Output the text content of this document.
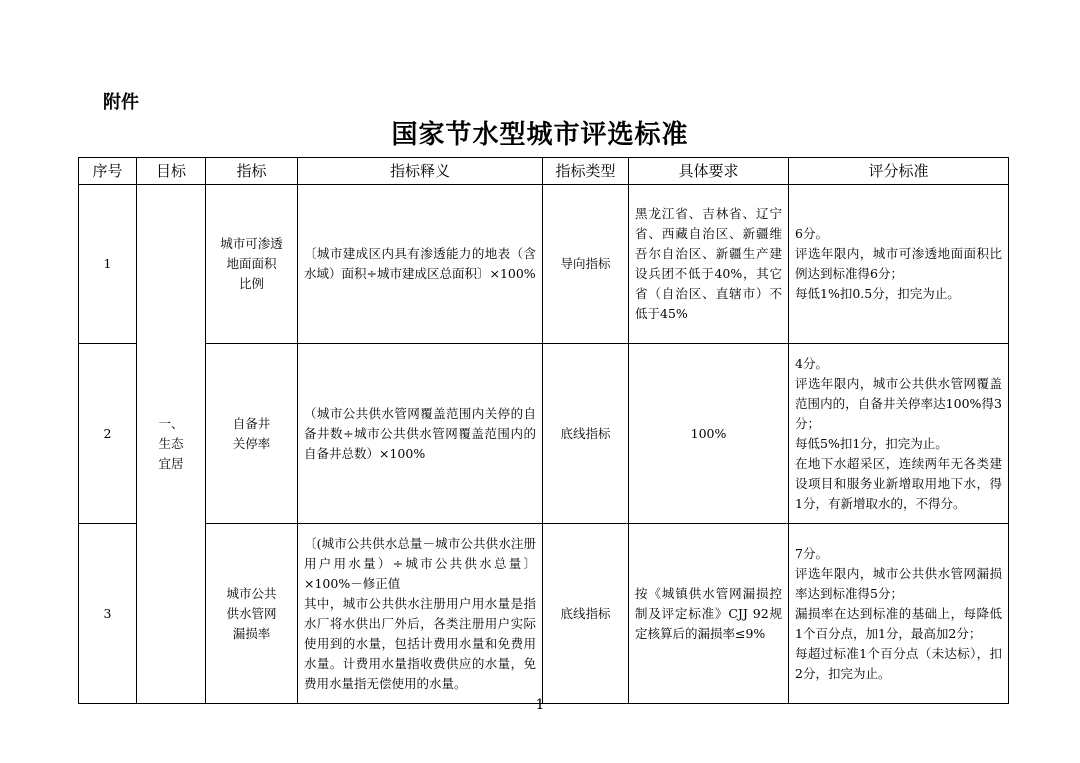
附件
国家节水型城市评选标准
序号	目标	指标	指标释义	指标类型	具体要求	评分标准
1	一、
生态
宜居	城市可渗透
地面面积
比例	〔城市建成区内具有渗透能力的地表（含水域）面积÷城市建成区总面积〕×100%	导向指标	黑龙江省、吉林省、辽宁省、西藏自治区、新疆维吾尔自治区、新疆生产建设兵团不低于40%，其它省（自治区、直辖市）不低于45%	6分。
评选年限内，城市可渗透地面面积比例达到标准得6分；
每低1%扣0.5分，扣完为止。
2		自备井
关停率	（城市公共供水管网覆盖范围内关停的自备井数÷城市公共供水管网覆盖范围内的自备井总数）×100%	底线指标	100%	4分。
评选年限内，城市公共供水管网覆盖范围内的，自备井关停率达100%得3分；
每低5%扣1分，扣完为止。
在地下水超采区，连续两年无各类建设项目和服务业新增取用地下水，得1分，有新增取水的，不得分。
3		城市公共
供水管网
漏损率	〔(城市公共供水总量－城市公共供水注册用户用水量）÷城市公共供水总量〕×100%－修正值
其中，城市公共供水注册用户用水量是指水厂将水供出厂外后，各类注册用户实际使用到的水量，包括计费用水量和免费用水量。计费用水量指收费供应的水量，免费用水量指无偿使用的水量。	底线指标	按《城镇供水管网漏损控制及评定标准》CJJ 92规定核算后的漏损率≤9%	7分。
评选年限内，城市公共供水管网漏损率达到标准得5分；
漏损率在达到标准的基础上，每降低1个百分点，加1分，最高加2分；
每超过标准1个百分点（未达标），扣2分，扣完为止。
1
